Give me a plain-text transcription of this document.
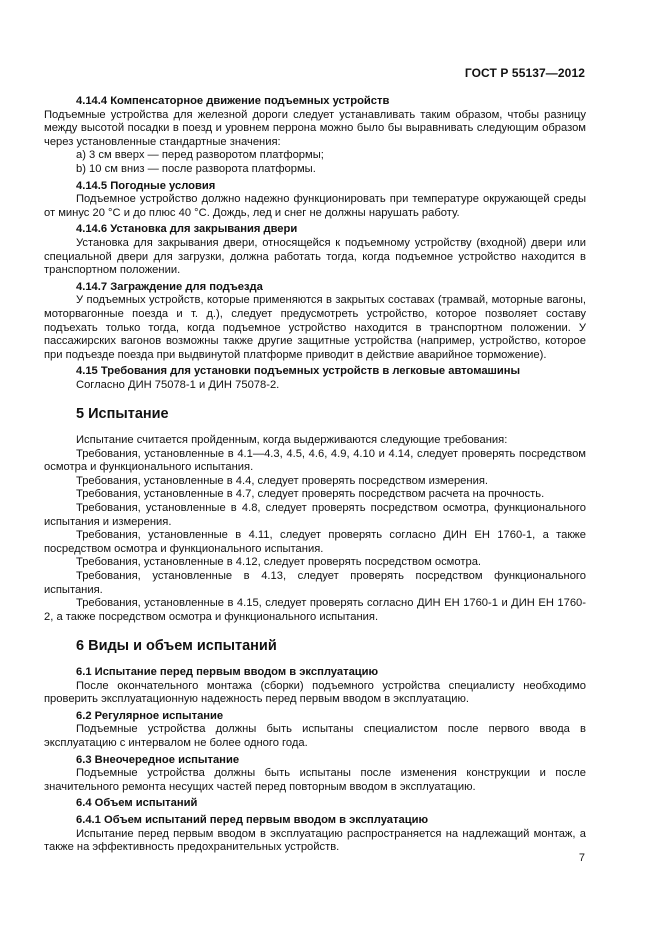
ГОСТ Р 55137—2012

4.14.4 Компенсаторное движение подъемных устройств

Подъемные устройства для железной дороги следует устанавливать таким образом, чтобы разницу между высотой посадки в поезд и уровнем перрона можно было бы выравнивать следующим образом через установленные стандартные значения:

a) 3 см вверх — перед разворотом платформы;

b) 10 см вниз — после разворота платформы.

4.14.5 Погодные условия

Подъемное устройство должно надежно функционировать при температуре окружающей среды от минус 20 °С и до плюс 40 °С. Дождь, лед и снег не должны нарушать работу.

4.14.6 Установка для закрывания двери

Установка для закрывания двери, относящейся к подъемному устройству (входной) двери или специальной двери для загрузки, должна работать тогда, когда подъемное устройство находится в транспортном положении.

4.14.7 Заграждение для подъезда

У подъемных устройств, которые применяются в закрытых составах (трамвай, моторные вагоны, моторвагонные поезда и т. д.), следует предусмотреть устройство, которое позволяет составу подъехать только тогда, когда подъемное устройство находится в транспортном положении. У пассажирских вагонов возможны также другие защитные устройства (например, устройство, которое при подъезде поезда при выдвинутой платформе приводит в действие аварийное торможение).

4.15 Требования для установки подъемных устройств в легковые автомашины

Согласно ДИН 75078-1 и ДИН 75078-2.

5 Испытание

Испытание считается пройденным, когда выдерживаются следующие требования:

Требования, установленные в 4.1—4.3, 4.5, 4.6, 4.9, 4.10 и 4.14, следует проверять посредством осмотра и функционального испытания.

Требования, установленные в 4.4, следует проверять посредством измерения.

Требования, установленные в 4.7, следует проверять посредством расчета на прочность.

Требования, установленные в 4.8, следует проверять посредством осмотра, функционального испытания и измерения.

Требования, установленные в 4.11, следует проверять согласно ДИН ЕН 1760-1, а также посредством осмотра и функционального испытания.

Требования, установленные в 4.12, следует проверять посредством осмотра.

Требования, установленные в 4.13, следует проверять посредством функционального испытания.

Требования, установленные в 4.15, следует проверять согласно ДИН ЕН 1760-1 и ДИН ЕН 1760-2, а также посредством осмотра и функционального испытания.

6 Виды и объем испытаний

6.1 Испытание перед первым вводом в эксплуатацию

После окончательного монтажа (сборки) подъемного устройства специалисту необходимо проверить эксплуатационную надежность перед первым вводом в эксплуатацию.

6.2 Регулярное испытание

Подъемные устройства должны быть испытаны специалистом после первого ввода в эксплуатацию с интервалом не более одного года.

6.3 Внеочередное испытание

Подъемные устройства должны быть испытаны после изменения конструкции и после значительного ремонта несущих частей перед повторным вводом в эксплуатацию.

6.4 Объем испытаний

6.4.1 Объем испытаний перед первым вводом в эксплуатацию

Испытание перед первым вводом в эксплуатацию распространяется на надлежащий монтаж, а также на эффективность предохранительных устройств.

7
